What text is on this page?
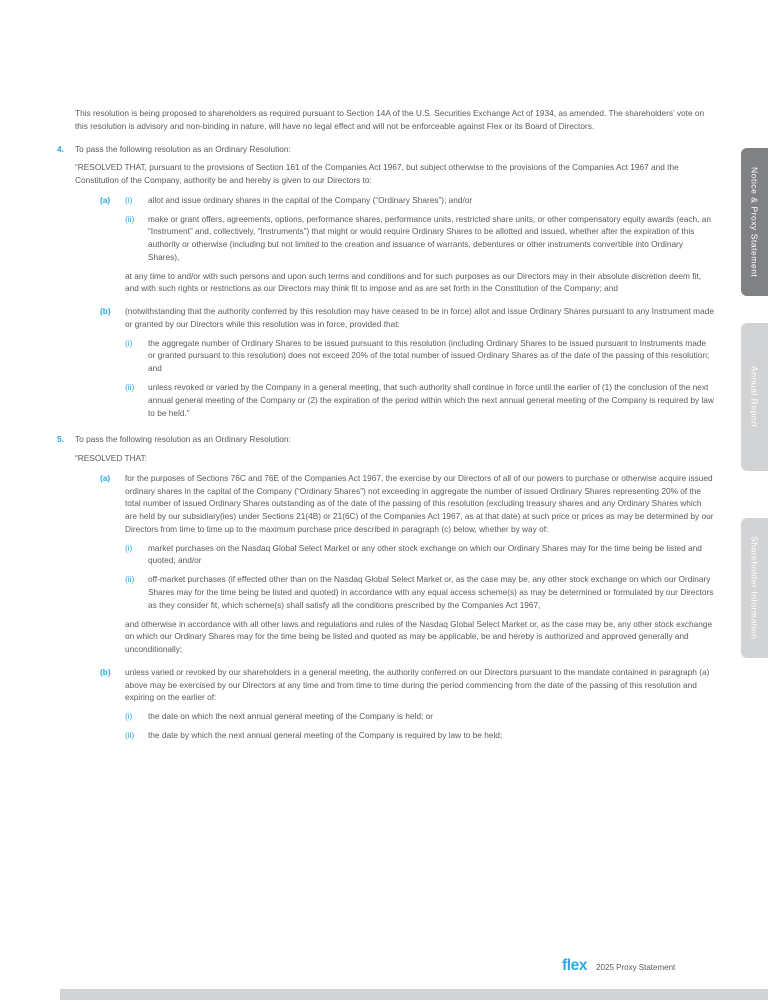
This resolution is being proposed to shareholders as required pursuant to Section 14A of the U.S. Securities Exchange Act of 1934, as amended. The shareholders’ vote on this resolution is advisory and non-binding in nature, will have no legal effect and will not be enforceable against Flex or its Board of Directors.

4.	To pass the following resolution as an Ordinary Resolution:

“RESOLVED THAT, pursuant to the provisions of Section 161 of the Companies Act 1967, but subject otherwise to the provisions of the Companies Act 1967 and the Constitution of the Company, authority be and hereby is given to our Directors to:

(a)	(i)	allot and issue ordinary shares in the capital of the Company (“Ordinary Shares”); and/or

(ii)	make or grant offers, agreements, options, performance shares, performance units, restricted share units, or other compensatory equity awards (each, an “Instrument” and, collectively, “Instruments”) that might or would require Ordinary Shares to be allotted and issued, whether after the expiration of this authority or otherwise (including but not limited to the creation and issuance of warrants, debentures or other instruments convertible into Ordinary Shares),

at any time to and/or with such persons and upon such terms and conditions and for such purposes as our Directors may in their absolute discretion deem fit, and with such rights or restrictions as our Directors may think fit to impose and as are set forth in the Constitution of the Company; and

(b)	(notwithstanding that the authority conferred by this resolution may have ceased to be in force) allot and issue Ordinary Shares pursuant to any Instrument made or granted by our Directors while this resolution was in force, provided that:

(i)	the aggregate number of Ordinary Shares to be issued pursuant to this resolution (including Ordinary Shares to be issued pursuant to Instruments made or granted pursuant to this resolution) does not exceed 20% of the total number of issued Ordinary Shares as of the date of the passing of this resolution; and

(ii)	unless revoked or varied by the Company in a general meeting, that such authority shall continue in force until the earlier of (1) the conclusion of the next annual general meeting of the Company or (2) the expiration of the period within which the next annual general meeting of the Company is required by law to be held.”

5.	To pass the following resolution as an Ordinary Resolution:

“RESOLVED THAT:

(a)	for the purposes of Sections 76C and 76E of the Companies Act 1967, the exercise by our Directors of all of our powers to purchase or otherwise acquire issued ordinary shares in the capital of the Company (“Ordinary Shares”) not exceeding in aggregate the number of issued Ordinary Shares representing 20% of the total number of issued Ordinary Shares outstanding as of the date of the passing of this resolution (excluding treasury shares and any Ordinary Shares which are held by our subsidiary(ies) under Sections 21(4B) or 21(6C) of the Companies Act 1967, as at that date) at such price or prices as may be determined by our Directors from time to time up to the maximum purchase price described in paragraph (c) below, whether by way of:

(i)	market purchases on the Nasdaq Global Select Market or any other stock exchange on which our Ordinary Shares may for the time being be listed and quoted; and/or

(ii)	off-market purchases (if effected other than on the Nasdaq Global Select Market or, as the case may be, any other stock exchange on which our Ordinary Shares may for the time being be listed and quoted) in accordance with any equal access scheme(s) as may be determined or formulated by our Directors as they consider fit, which scheme(s) shall satisfy all the conditions prescribed by the Companies Act 1967,

and otherwise in accordance with all other laws and regulations and rules of the Nasdaq Global Select Market or, as the case may be, any other stock exchange on which our Ordinary Shares may for the time being be listed and quoted as may be applicable, be and hereby is authorized and approved generally and unconditionally;

(b)	unless varied or revoked by our shareholders in a general meeting, the authority conferred on our Directors pursuant to the mandate contained in paragraph (a) above may be exercised by our Directors at any time and from time to time during the period commencing from the date of the passing of this resolution and expiring on the earlier of:

(i)	the date on which the next annual general meeting of the Company is held; or

(ii)	the date by which the next annual general meeting of the Company is required by law to be held;

Notice & Proxy Statement
Annual Report
Shareholder Information
flex 2025 Proxy Statement
